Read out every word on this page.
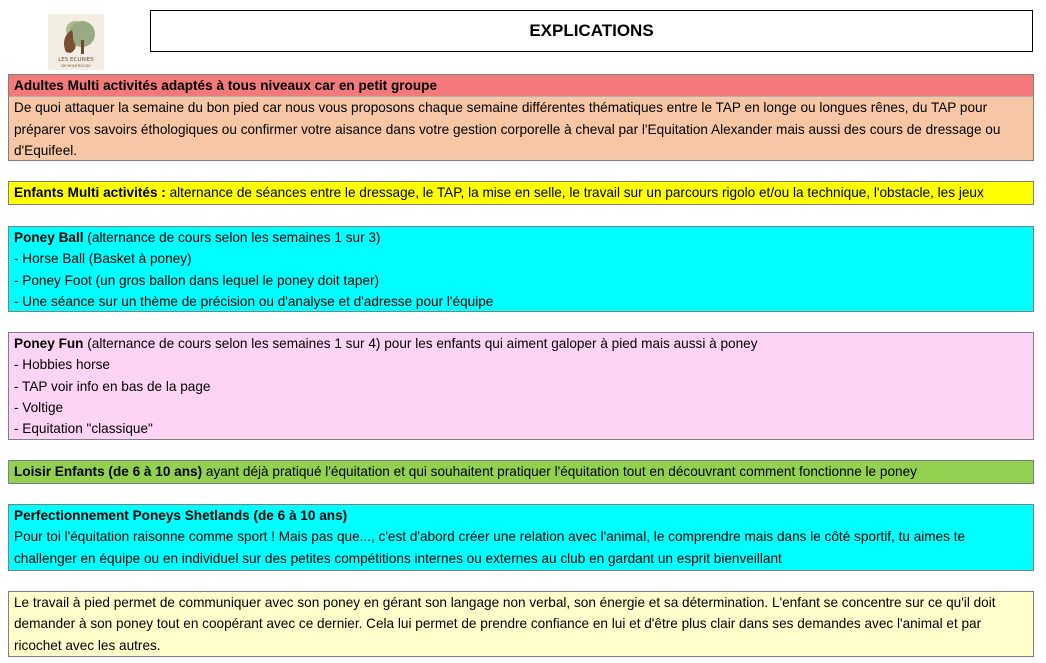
LES ECURIES
DE MONTROUGE
EXPLICATIONS
Adultes Multi activités adaptés à tous niveaux car en petit groupe
De quoi attaquer la semaine du bon pied car nous vous proposons chaque semaine différentes thématiques entre le TAP en longe ou longues rênes, du TAP pour préparer vos savoirs éthologiques ou confirmer votre aisance dans votre gestion corporelle à cheval par l'Equitation Alexander mais aussi des cours de dressage ou d'Equifeel.
Enfants Multi activités : alternance de séances entre le dressage, le TAP, la mise en selle, le travail sur un parcours rigolo et/ou la technique, l'obstacle, les jeux
Poney Ball (alternance de cours selon les semaines 1 sur 3)
- Horse Ball (Basket à poney)
- Poney Foot (un gros ballon dans lequel le poney doit taper)
- Une séance sur un thème de précision ou d'analyse et d'adresse pour l'équipe
Poney Fun (alternance de cours selon les semaines 1 sur 4) pour les enfants qui aiment galoper à pied mais aussi à poney
- Hobbies horse
- TAP voir info en bas de la page
- Voltige
- Equitation "classique"
Loisir Enfants (de 6 à 10 ans) ayant déjà pratiqué l'équitation et qui souhaitent pratiquer l'équitation tout en découvrant comment fonctionne le poney
Perfectionnement Poneys Shetlands (de 6 à 10 ans)
Pour toi l'équitation raisonne comme sport ! Mais pas que..., c'est d'abord créer une relation avec l'animal, le comprendre mais dans le côté sportif, tu aimes te challenger en équipe ou en individuel sur des petites compétitions internes ou externes au club en gardant un esprit bienveillant
Le travail à pied permet de communiquer avec son poney en gérant son langage non verbal, son énergie et sa détermination. L'enfant se concentre sur ce qu'il doit demander à son poney tout en coopérant avec ce dernier. Cela lui permet de prendre confiance en lui et d'être plus clair dans ses demandes avec l'animal et par ricochet avec les autres.
